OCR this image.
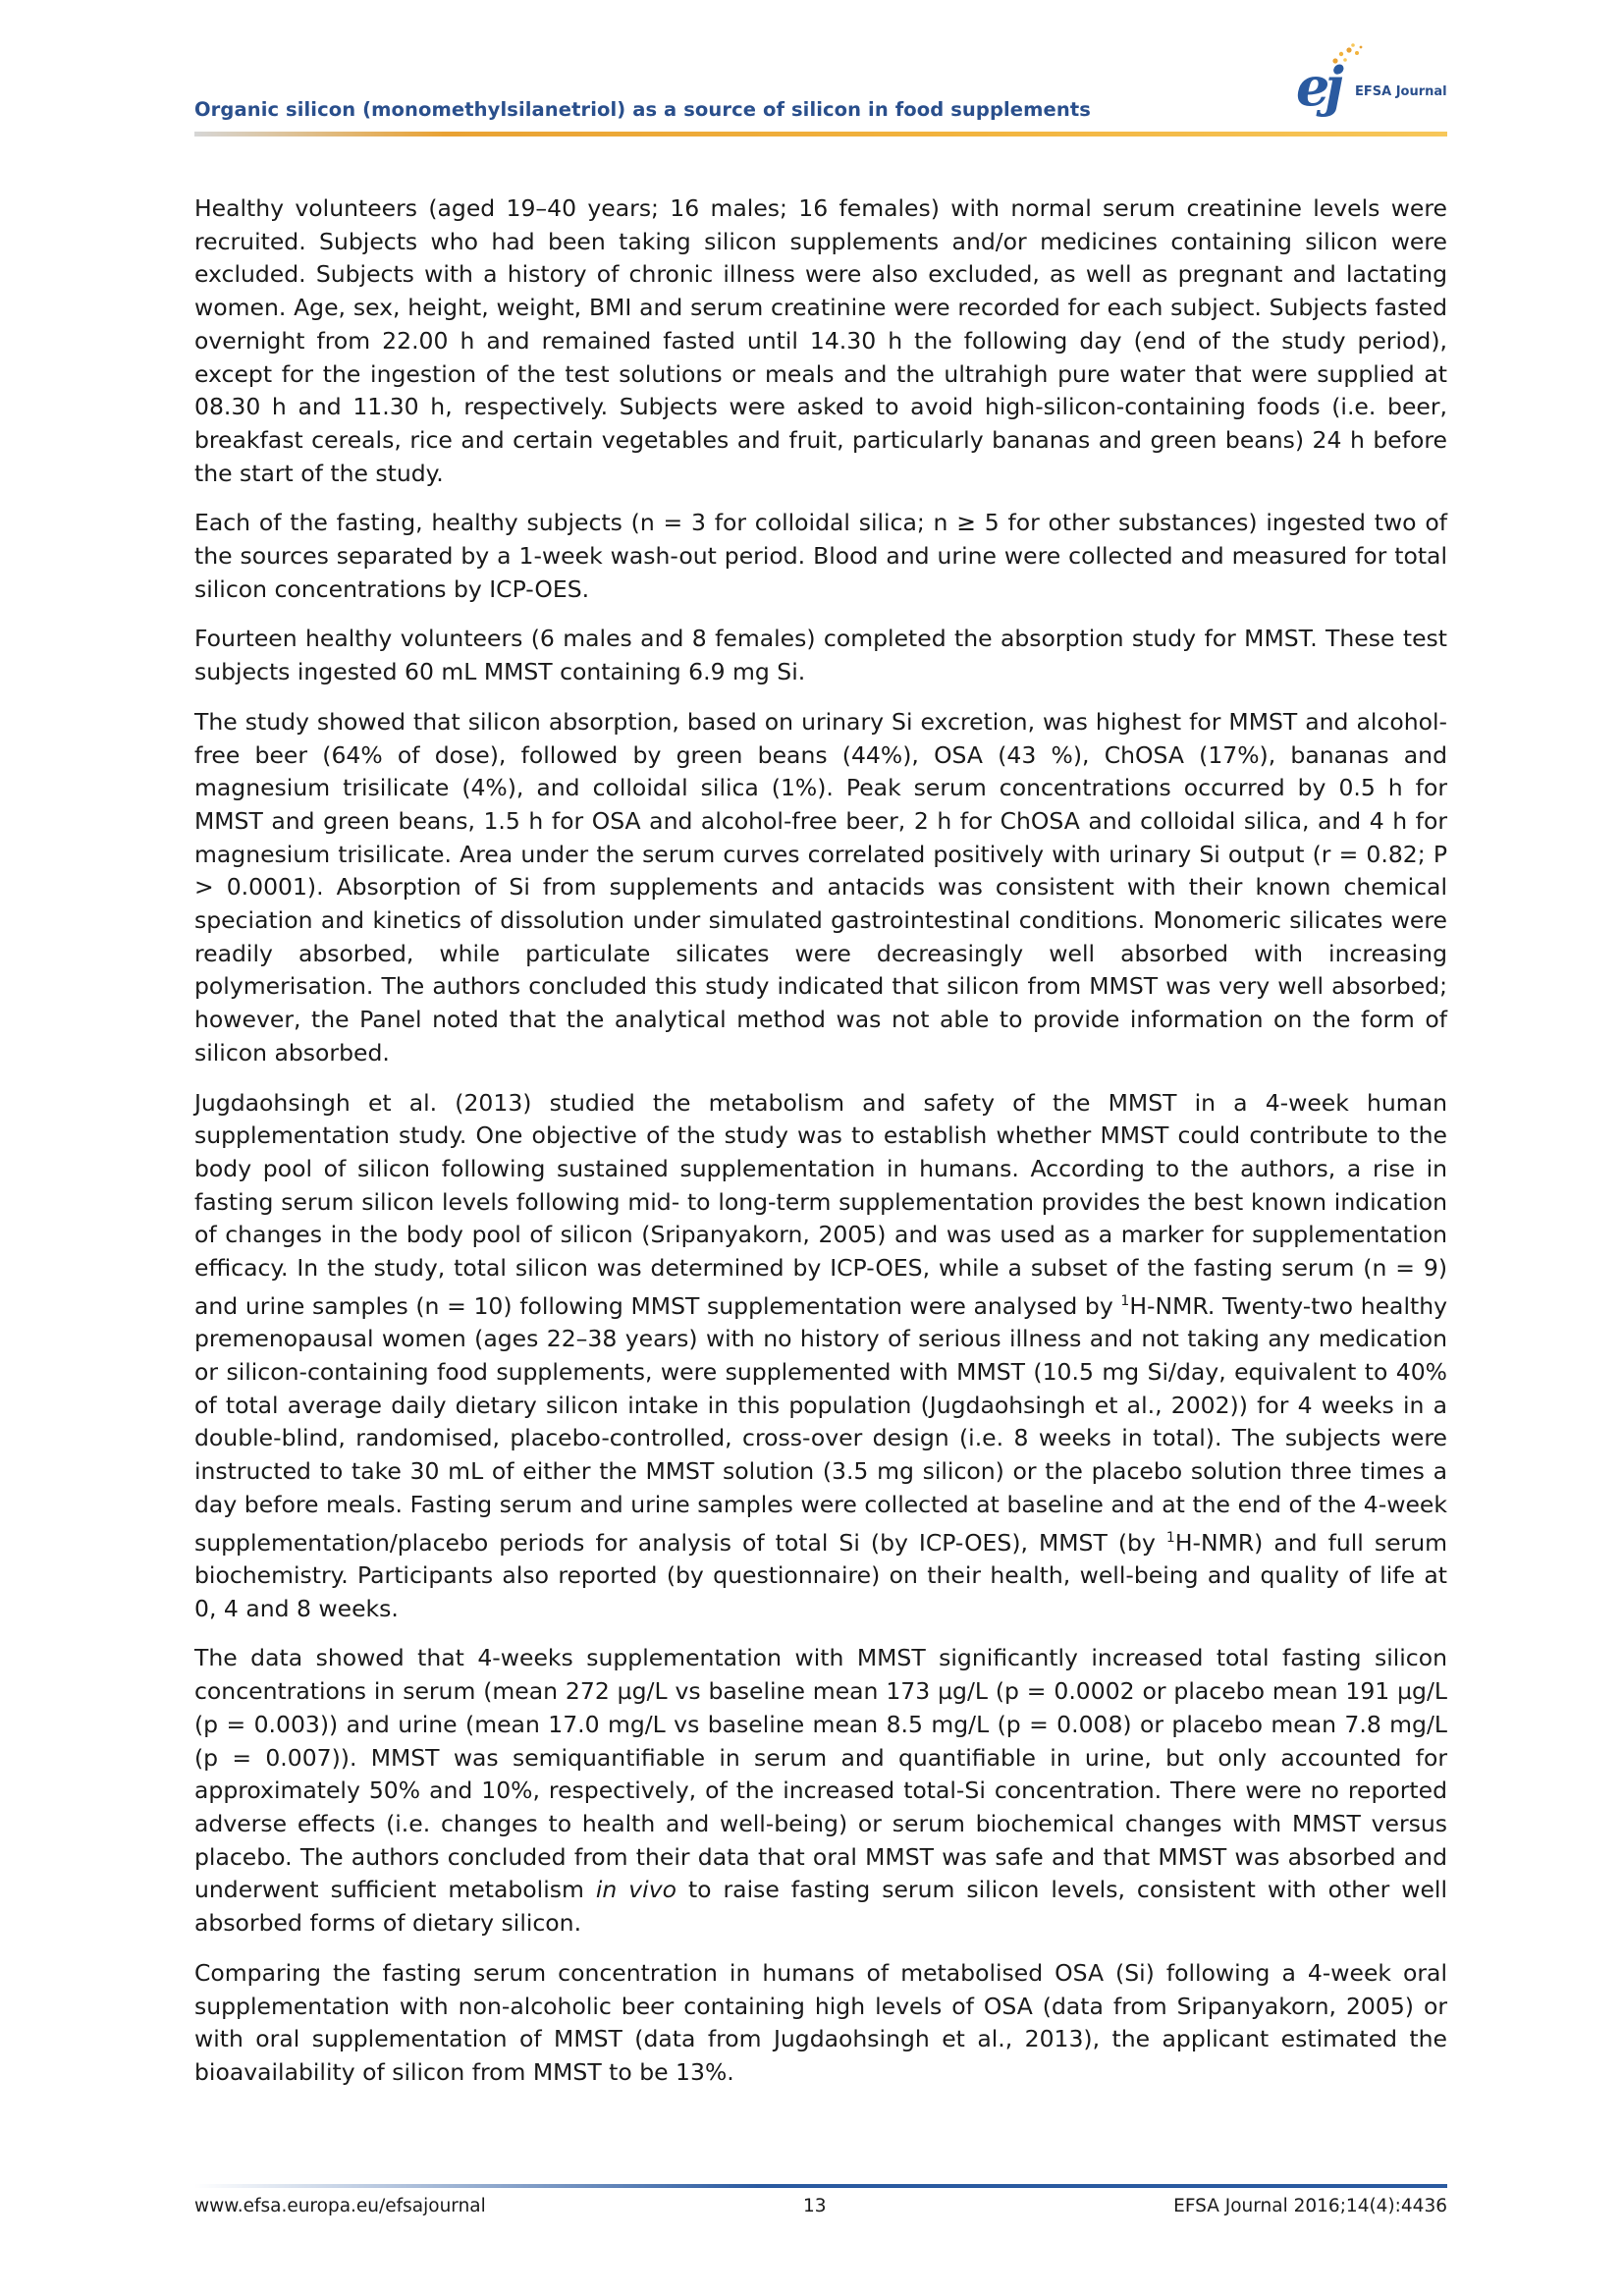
Organic silicon (monomethylsilanetriol) as a source of silicon in food supplements	ej EFSA Journal

Healthy volunteers (aged 19–40 years; 16 males; 16 females) with normal serum creatinine levels were recruited. Subjects who had been taking silicon supplements and/or medicines containing silicon were excluded. Subjects with a history of chronic illness were also excluded, as well as pregnant and lactating women. Age, sex, height, weight, BMI and serum creatinine were recorded for each subject. Subjects fasted overnight from 22.00 h and remained fasted until 14.30 h the following day (end of the study period), except for the ingestion of the test solutions or meals and the ultrahigh pure water that were supplied at 08.30 h and 11.30 h, respectively. Subjects were asked to avoid high-silicon-containing foods (i.e. beer, breakfast cereals, rice and certain vegetables and fruit, particularly bananas and green beans) 24 h before the start of the study.

Each of the fasting, healthy subjects (n = 3 for colloidal silica; n ≥ 5 for other substances) ingested two of the sources separated by a 1-week wash-out period. Blood and urine were collected and measured for total silicon concentrations by ICP-OES.

Fourteen healthy volunteers (6 males and 8 females) completed the absorption study for MMST. These test subjects ingested 60 mL MMST containing 6.9 mg Si.

The study showed that silicon absorption, based on urinary Si excretion, was highest for MMST and alcohol-free beer (64% of dose), followed by green beans (44%), OSA (43 %), ChOSA (17%), bananas and magnesium trisilicate (4%), and colloidal silica (1%). Peak serum concentrations occurred by 0.5 h for MMST and green beans, 1.5 h for OSA and alcohol-free beer, 2 h for ChOSA and colloidal silica, and 4 h for magnesium trisilicate. Area under the serum curves correlated positively with urinary Si output (r = 0.82; P > 0.0001). Absorption of Si from supplements and antacids was consistent with their known chemical speciation and kinetics of dissolution under simulated gastrointestinal conditions. Monomeric silicates were readily absorbed, while particulate silicates were decreasingly well absorbed with increasing polymerisation. The authors concluded this study indicated that silicon from MMST was very well absorbed; however, the Panel noted that the analytical method was not able to provide information on the form of silicon absorbed.

Jugdaohsingh et al. (2013) studied the metabolism and safety of the MMST in a 4-week human supplementation study. One objective of the study was to establish whether MMST could contribute to the body pool of silicon following sustained supplementation in humans. According to the authors, a rise in fasting serum silicon levels following mid- to long-term supplementation provides the best known indication of changes in the body pool of silicon (Sripanyakorn, 2005) and was used as a marker for supplementation efficacy. In the study, total silicon was determined by ICP-OES, while a subset of the fasting serum (n = 9) and urine samples (n = 10) following MMST supplementation were analysed by $^1$H-NMR. Twenty-two healthy premenopausal women (ages 22–38 years) with no history of serious illness and not taking any medication or silicon-containing food supplements, were supplemented with MMST (10.5 mg Si/day, equivalent to 40% of total average daily dietary silicon intake in this population (Jugdaohsingh et al., 2002)) for 4 weeks in a double-blind, randomised, placebo-controlled, cross-over design (i.e. 8 weeks in total). The subjects were instructed to take 30 mL of either the MMST solution (3.5 mg silicon) or the placebo solution three times a day before meals. Fasting serum and urine samples were collected at baseline and at the end of the 4-week supplementation/placebo periods for analysis of total Si (by ICP-OES), MMST (by $^1$H-NMR) and full serum biochemistry. Participants also reported (by questionnaire) on their health, well-being and quality of life at 0, 4 and 8 weeks.

The data showed that 4-weeks supplementation with MMST significantly increased total fasting silicon concentrations in serum (mean 272 µg/L vs baseline mean 173 µg/L (p = 0.0002 or placebo mean 191 µg/L (p = 0.003)) and urine (mean 17.0 mg/L vs baseline mean 8.5 mg/L (p = 0.008) or placebo mean 7.8 mg/L (p = 0.007)). MMST was semiquantifiable in serum and quantifiable in urine, but only accounted for approximately 50% and 10%, respectively, of the increased total-Si concentration. There were no reported adverse effects (i.e. changes to health and well-being) or serum biochemical changes with MMST versus placebo. The authors concluded from their data that oral MMST was safe and that MMST was absorbed and underwent sufficient metabolism in vivo to raise fasting serum silicon levels, consistent with other well absorbed forms of dietary silicon.

Comparing the fasting serum concentration in humans of metabolised OSA (Si) following a 4-week oral supplementation with non-alcoholic beer containing high levels of OSA (data from Sripanyakorn, 2005) or with oral supplementation of MMST (data from Jugdaohsingh et al., 2013), the applicant estimated the bioavailability of silicon from MMST to be 13%.

www.efsa.europa.eu/efsajournal	13	EFSA Journal 2016;14(4):4436
